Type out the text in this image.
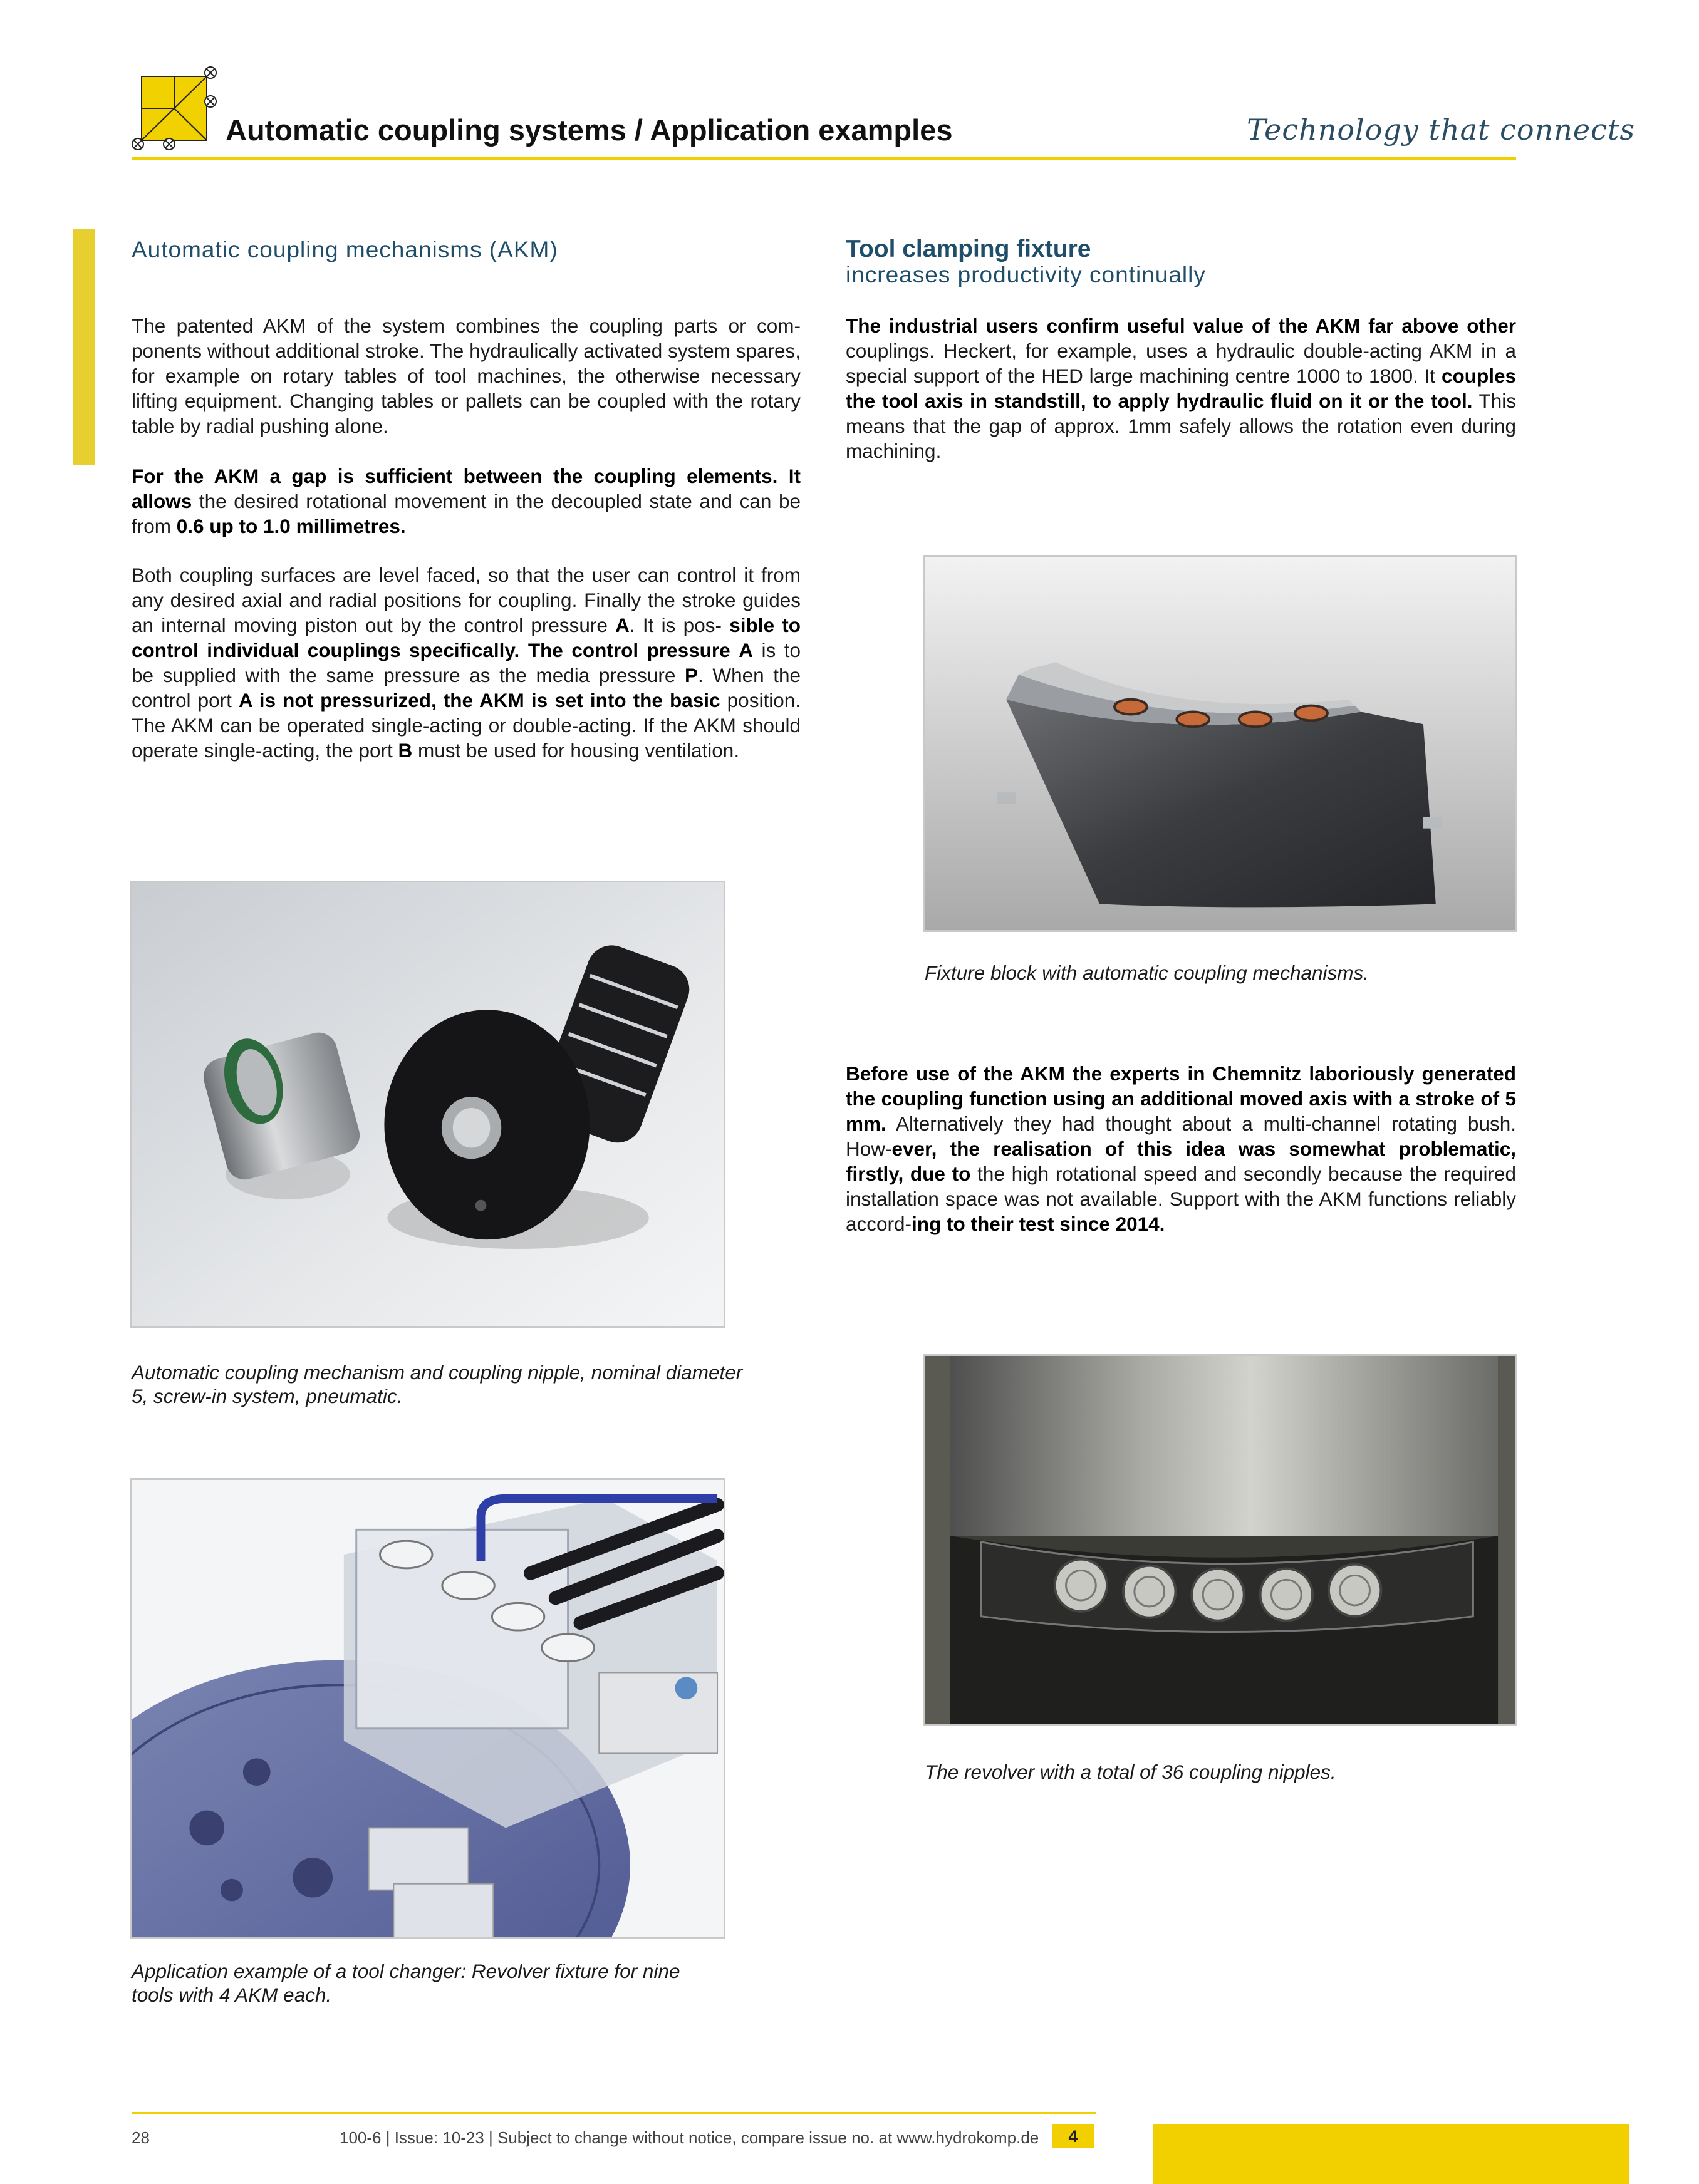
Automatic coupling systems / Application examples	Technology that connects
Automatic coupling mechanisms (AKM)
The patented AKM of the system combines the coupling parts or com-ponents without additional stroke. The hydraulically activated system spares, for example on rotary tables of tool machines, the otherwise necessary lifting equipment. Changing tables or pallets can be coupled with the rotary table by radial pushing alone.
For the AKM a gap is sufficient between the coupling elements. It allows the desired rotational movement in the decoupled state and can be from 0.6 up to 1.0 millimetres.
Both coupling surfaces are level faced, so that the user can control it from any desired axial and radial positions for coupling. Finally the stroke guides an internal moving piston out by the control pressure A. It is pos- sible to control individual couplings specifically. The control pressure A is to be supplied with the same pressure as the media pressure P. When the control port A is not pressurized, the AKM is set into the basic position. The AKM can be operated single-acting or double-acting. If the AKM should operate single-acting, the port B must be used for housing ventilation.
Automatic coupling mechanism and coupling nipple, nominal diameter 5, screw-in system, pneumatic.
Application example of a tool changer: Revolver fixture for nine
tools with 4 AKM each.
Tool clamping fixture
increases productivity continually
The industrial users confirm useful value of the AKM far above other couplings. Heckert, for example, uses a hydraulic double-acting AKM in a special support of the HED large machining centre 1000 to 1800. It couples the tool axis in standstill, to apply hydraulic fluid on it or the tool. This means that the gap of approx. 1mm safely allows the rotation even during machining.
Fixture block with automatic coupling mechanisms.
Before use of the AKM the experts in Chemnitz laboriously generated the coupling function using an additional moved axis with a stroke of 5 mm. Alternatively they had thought about a multi-channel rotating bush. How-ever, the realisation of this idea was somewhat problematic, firstly, due to the high rotational speed and secondly because the required installation space was not available. Support with the AKM functions reliably accord-ing to their test since 2014.
The revolver with a total of 36 coupling nipples.
28	100-6 | Issue: 10-23 | Subject to change without notice, compare issue no. at www.hydrokomp.de	4
